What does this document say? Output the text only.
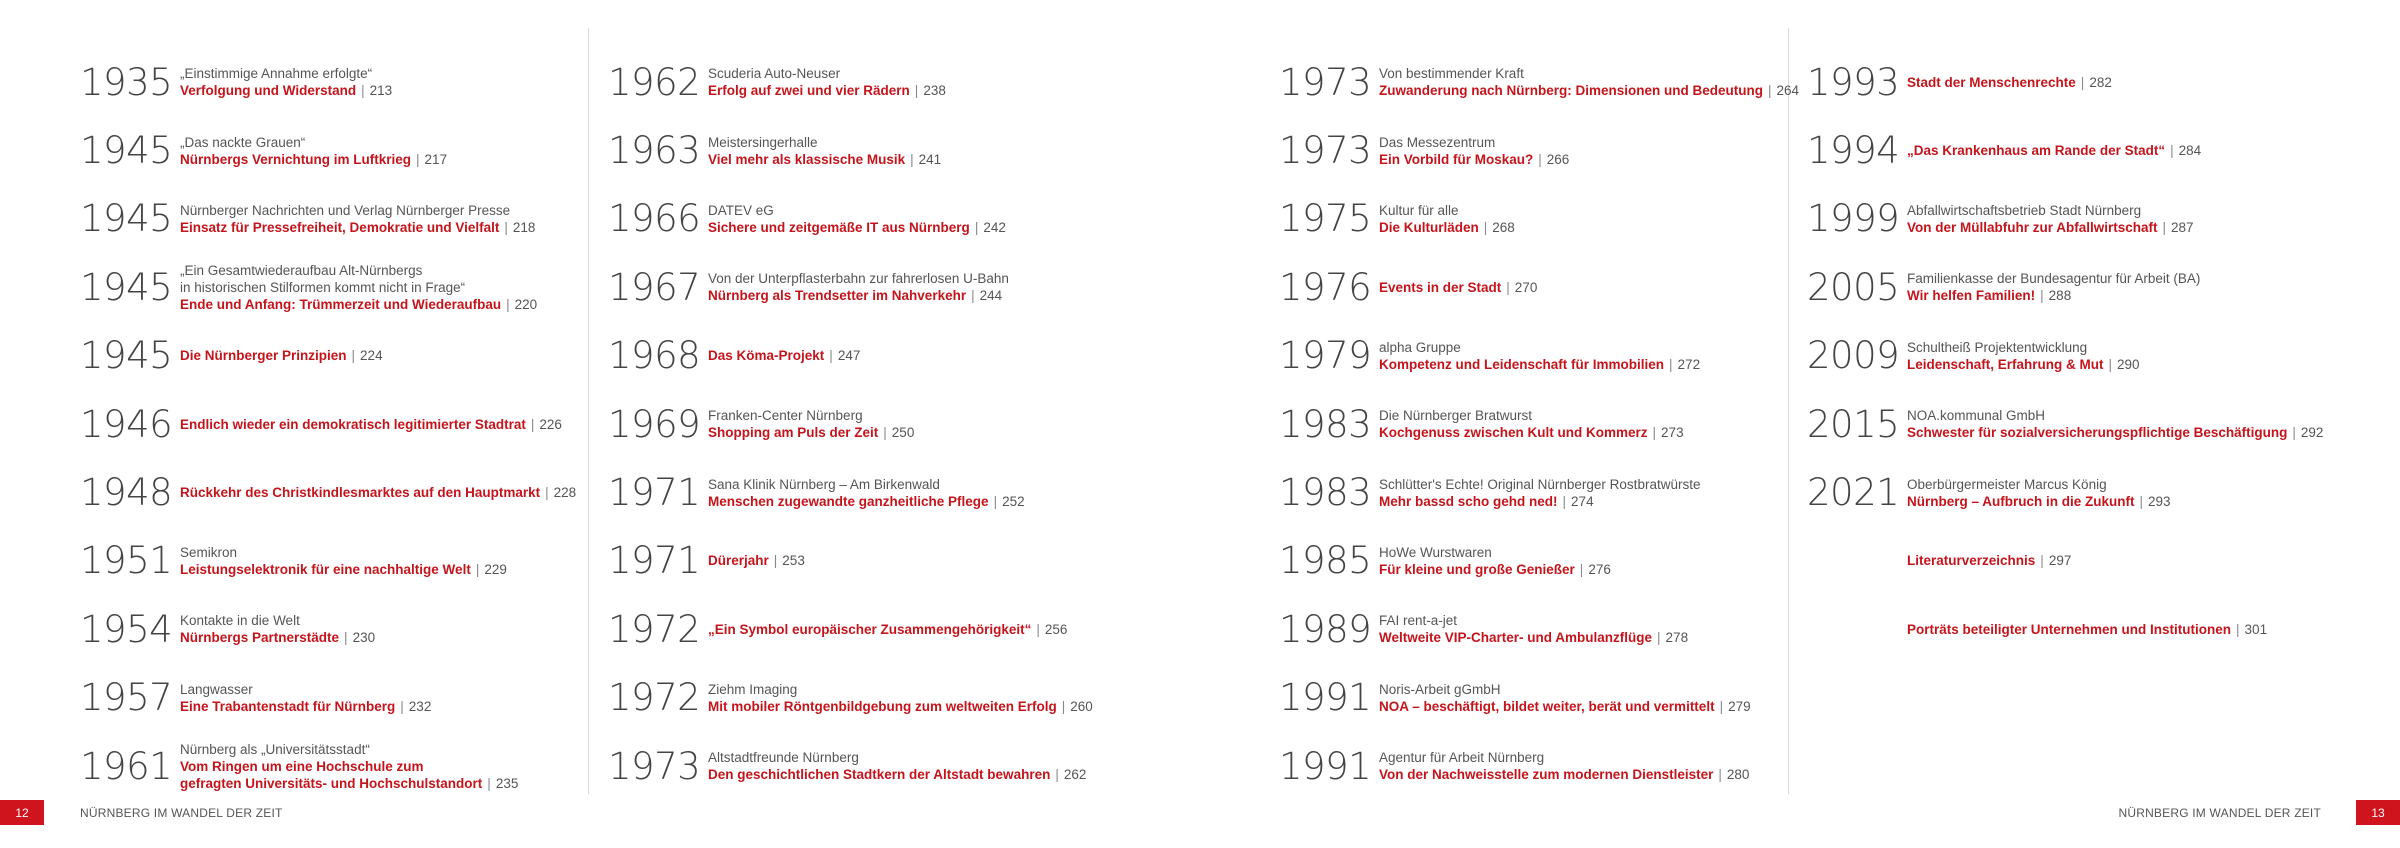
1935 „Einstimmige Annahme erfolgte“
Verfolgung und Widerstand | 213
1945 „Das nackte Grauen“
Nürnbergs Vernichtung im Luftkrieg | 217
1945 Nürnberger Nachrichten und Verlag Nürnberger Presse
Einsatz für Pressefreiheit, Demokratie und Vielfalt | 218
1945 „Ein Gesamtwiederaufbau Alt-Nürnbergs
in historischen Stilformen kommt nicht in Frage“
Ende und Anfang: Trümmerzeit und Wiederaufbau | 220
1945 Die Nürnberger Prinzipien | 224
1946 Endlich wieder ein demokratisch legitimierter Stadtrat | 226
1948 Rückkehr des Christkindlesmarktes auf den Hauptmarkt | 228
1951 Semikron
Leistungselektronik für eine nachhaltige Welt | 229
1954 Kontakte in die Welt
Nürnbergs Partnerstädte | 230
1957 Langwasser
Eine Trabantenstadt für Nürnberg | 232
1961 Nürnberg als „Universitätsstadt“
Vom Ringen um eine Hochschule zum
gefragten Universitäts- und Hochschulstandort | 235
1962 Scuderia Auto-Neuser
Erfolg auf zwei und vier Rädern | 238
1963 Meistersingerhalle
Viel mehr als klassische Musik | 241
1966 DATEV eG
Sichere und zeitgemäße IT aus Nürnberg | 242
1967 Von der Unterpflasterbahn zur fahrerlosen U-Bahn
Nürnberg als Trendsetter im Nahverkehr | 244
1968 Das Köma-Projekt | 247
1969 Franken-Center Nürnberg
Shopping am Puls der Zeit | 250
1971 Sana Klinik Nürnberg – Am Birkenwald
Menschen zugewandte ganzheitliche Pflege | 252
1971 Dürerjahr | 253
1972 „Ein Symbol europäischer Zusammengehörigkeit“ | 256
1972 Ziehm Imaging
Mit mobiler Röntgenbildgebung zum weltweiten Erfolg | 260
1973 Altstadtfreunde Nürnberg
Den geschichtlichen Stadtkern der Altstadt bewahren | 262
1973 Von bestimmender Kraft
Zuwanderung nach Nürnberg: Dimensionen und Bedeutung | 264
1973 Das Messezentrum
Ein Vorbild für Moskau? | 266
1975 Kultur für alle
Die Kulturläden | 268
1976 Events in der Stadt | 270
1979 alpha Gruppe
Kompetenz und Leidenschaft für Immobilien | 272
1983 Die Nürnberger Bratwurst
Kochgenuss zwischen Kult und Kommerz | 273
1983 Schlütter's Echte! Original Nürnberger Rostbratwürste
Mehr bassd scho gehd ned! | 274
1985 HoWe Wurstwaren
Für kleine und große Genießer | 276
1989 FAI rent-a-jet
Weltweite VIP-Charter- und Ambulanzflüge | 278
1991 Noris-Arbeit gGmbH
NOA – beschäftigt, bildet weiter, berät und vermittelt | 279
1991 Agentur für Arbeit Nürnberg
Von der Nachweisstelle zum modernen Dienstleister | 280
1993 Stadt der Menschenrechte | 282
1994 „Das Krankenhaus am Rande der Stadt“ | 284
1999 Abfallwirtschaftsbetrieb Stadt Nürnberg
Von der Müllabfuhr zur Abfallwirtschaft | 287
2005 Familienkasse der Bundesagentur für Arbeit (BA)
Wir helfen Familien! | 288
2009 Schultheiß Projektentwicklung
Leidenschaft, Erfahrung & Mut | 290
2015 NOA.kommunal GmbH
Schwester für sozialversicherungspflichtige Beschäftigung | 292
2021 Oberbürgermeister Marcus König
Nürnberg – Aufbruch in die Zukunft | 293
Literaturverzeichnis | 297
Porträts beteiligter Unternehmen und Institutionen | 301
12	NÜRNBERG IM WANDEL DER ZEIT	NÜRNBERG IM WANDEL DER ZEIT	13
